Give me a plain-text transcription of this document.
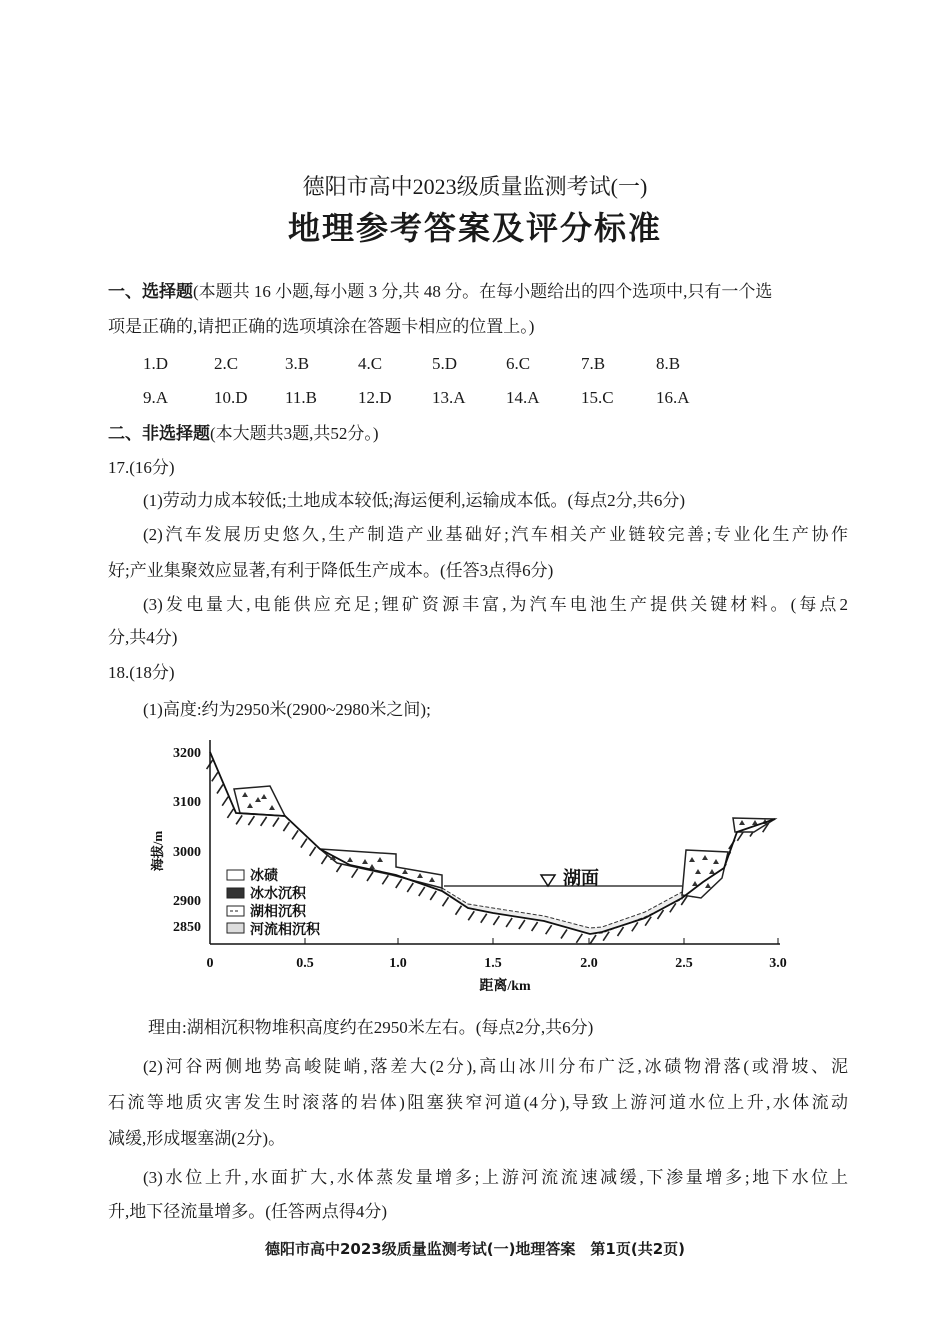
德阳市高中2023级质量监测考试(一)
地理参考答案及评分标准
一、选择题(本题共 16 小题,每小题 3 分,共 48 分。在每小题给出的四个选项中,只有一个选
项是正确的,请把正确的选项填涂在答题卡相应的位置上。)
1.D	2.C	3.B	4.C	5.D	6.C	7.B	8.B
9.A	10.D 11.B 12.D 13.A 14.A 15.C 16.A
二、非选择题(本大题共3题,共52分。)
17.(16分)
(1)劳动力成本较低;土地成本较低;海运便利,运输成本低。(每点2分,共6分)
(2)汽车发展历史悠久,生产制造产业基础好;汽车相关产业链较完善;专业化生产协作
好;产业集聚效应显著,有利于降低生产成本。(任答3点得6分)
(3)发电量大,电能供应充足;锂矿资源丰富,为汽车电池生产提供关键材料。(每点2
分,共4分)
18.(18分)
(1)高度:约为2950米(2900~2980米之间);
湖面
0	0.5	1.0	1.5	2.0	2.5	3.0
3200
3100
3000
2900
2850
距离/km
海拔/m
冰碛
冰水沉积
湖相沉积
河流相沉积
理由:湖相沉积物堆积高度约在2950米左右。(每点2分,共6分)
(2)河谷两侧地势高峻陡峭,落差大(2分),高山冰川分布广泛,冰碛物滑落(或滑坡、泥
石流等地质灾害发生时滚落的岩体)阻塞狭窄河道(4分),导致上游河道水位上升,水体流动
减缓,形成堰塞湖(2分)。
(3)水位上升,水面扩大,水体蒸发量增多;上游河流流速减缓,下渗量增多;地下水位上
升,地下径流量增多。(任答两点得4分)
德阳市高中2023级质量监测考试(一)地理答案　第1页(共2页)
